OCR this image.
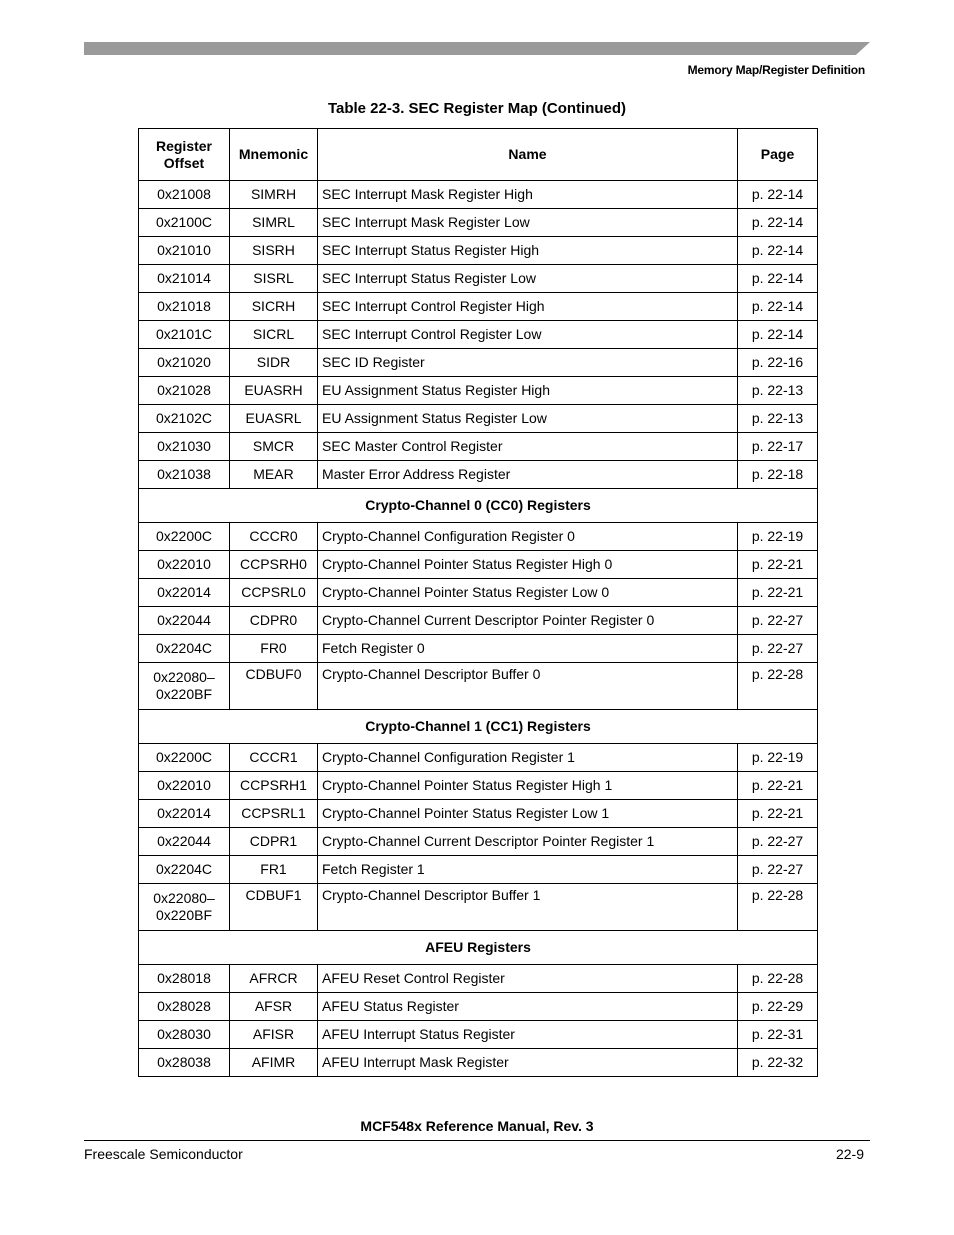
Memory Map/Register Definition
Table 22-3. SEC Register Map (Continued)
Register Offset	Mnemonic	Name	Page
0x21008	SIMRH	SEC Interrupt Mask Register High	p. 22-14
0x2100C	SIMRL	SEC Interrupt Mask Register Low	p. 22-14
0x21010	SISRH	SEC Interrupt Status Register High	p. 22-14
0x21014	SISRL	SEC Interrupt Status Register Low	p. 22-14
0x21018	SICRH	SEC Interrupt Control Register High	p. 22-14
0x2101C	SICRL	SEC Interrupt Control Register Low	p. 22-14
0x21020	SIDR	SEC ID Register	p. 22-16
0x21028	EUASRH	EU Assignment Status Register High	p. 22-13
0x2102C	EUASRL	EU Assignment Status Register Low	p. 22-13
0x21030	SMCR	SEC Master Control Register	p. 22-17
0x21038	MEAR	Master Error Address Register	p. 22-18
Crypto-Channel 0 (CC0) Registers			
0x2200C	CCCR0	Crypto-Channel Configuration Register 0	p. 22-19
0x22010	CCPSRH0	Crypto-Channel Pointer Status Register High 0	p. 22-21
0x22014	CCPSRL0	Crypto-Channel Pointer Status Register Low 0	p. 22-21
0x22044	CDPR0	Crypto-Channel Current Descriptor Pointer Register 0	p. 22-27
0x2204C	FR0	Fetch Register 0	p. 22-27
0x22080–0x220BF	CDBUF0	Crypto-Channel Descriptor Buffer 0	p. 22-28
Crypto-Channel 1 (CC1) Registers			
0x2200C	CCCR1	Crypto-Channel Configuration Register 1	p. 22-19
0x22010	CCPSRH1	Crypto-Channel Pointer Status Register High 1	p. 22-21
0x22014	CCPSRL1	Crypto-Channel Pointer Status Register Low 1	p. 22-21
0x22044	CDPR1	Crypto-Channel Current Descriptor Pointer Register 1	p. 22-27
0x2204C	FR1	Fetch Register 1	p. 22-27
0x22080–0x220BF	CDBUF1	Crypto-Channel Descriptor Buffer 1	p. 22-28
AFEU Registers			
0x28018	AFRCR	AFEU Reset Control Register	p. 22-28
0x28028	AFSR	AFEU Status Register	p. 22-29
0x28030	AFISR	AFEU Interrupt Status Register	p. 22-31
0x28038	AFIMR	AFEU Interrupt Mask Register	p. 22-32
MCF548x Reference Manual, Rev. 3
Freescale Semiconductor	22-9
